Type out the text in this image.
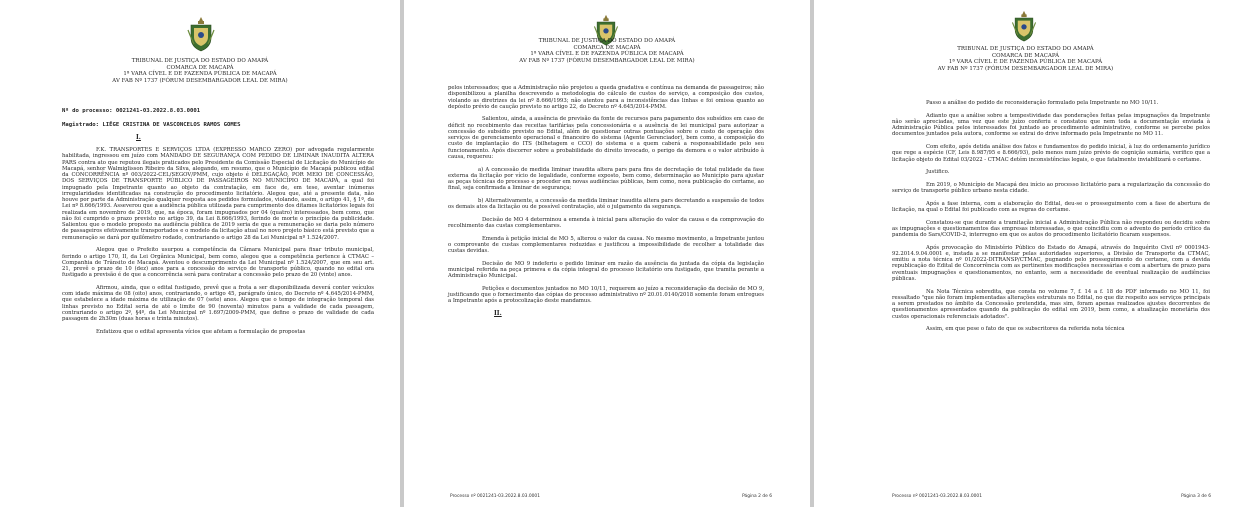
TRIBUNAL DE JUSTIÇA DO ESTADO DO AMAPÁ
COMARCA DE MACAPÁ
1ª VARA CÍVEL E DE FAZENDA PÚBLICA DE MACAPÁ
AV FAB Nº 1737 (FÓRUM DESEMBARGADOR LEAL DE MIRA)

Nº do processo: 0021241-03.2022.8.03.0001

Magistrado: LIÊGE CRISTINA DE VASCONCELOS RAMOS GOMES

I.

F.K. TRANSPORTES E SERVIÇOS LTDA (EXPRESSO MARCO ZERO) por advogada regularmente habilitada, ingressou em juízo com MANDADO DE SEGURANÇA COM PEDIDO DE LIMINAR INAUDITA ALTERA PARS contra ato que reputou ilegais praticados pelo Presidente da Comissão Especial de Licitação do Município de Macapá, senhor Walmiglisson Ribeiro da Silva, alegando, em resumo, que o Município de Macapá publicou edital da CONCORRÊNCIA nº 003/2022-CEL/SEGOV/PMM, cujo objeto é DELEGAÇÃO, POR MEIO DE CONCESSÃO, DOS SERVIÇOS DE TRANSPORTE PÚBLICO DE PASSAGEIROS NO MUNICÍPIO DE MACAPÁ, a qual foi impugnado pela Impetrante quanto ao objeto da contratação, em face de, em tese, aventar inúmeras irregularidades identificadas na construção do procedimento licitatório. Alegou que, até a presente data, não houve por parte da Administração qualquer resposta aos pedidos formulados, violando, assim, o artigo 41, § 1º, da Lei nº 8.666/1993. Asseverou que a audiência pública utilizada para cumprimento dos ditames licitatórios legais foi realizada em novembro de 2019, que, na época, foram impugnados por 04 (quatro) interessados, bem como, que não foi cumprido o prazo previsto no artigo 39, da Lei 8.666/1993, ferindo de morte o princípio da publicidade. Salientou que o modelo proposto na audiência pública de 2019 seria de que a remuneração se daria pelo número de passageiros efetivamente transportados e o modelo da licitação atual no novo projeto básico está previsto que a remuneração se dará por quilômetro rodado, contrariando o artigo 28 da Lei Municipal nº 1.524/2007.

Alegou que o Prefeito usurpou a competência da Câmara Municipal para fixar tributo municipal, ferindo o artigo 170, II, da Lei Orgânica Municipal, bem como, alegou que a competência pertence à CTMAC – Companhia de Trânsito de Macapá. Aventou o descumprimento da Lei Municipal nº 1.524/2007, que em seu art. 21, prevê o prazo de 10 (dez) anos para a concessão do serviço de transporte público, quando no edital ora fustigado a previsão é de que a concorrência será para contratar a concessão pelo prazo de 20 (vinte) anos.

Afirmou, ainda, que o edital fustigado, prevê que a frota a ser disponibilizada deverá conter veículos com idade máxima de 08 (oito) anos, contrariando, o artigo 45, parágrafo único, do Decreto nº 4.645/2014-PMM, que estabelece a idade máxima de utilização de 07 (sete) anos. Alegou que o tempo de integração temporal das linhas previsto no Edital seria de até o limite de 90 (noventa) minutos para a validade de cada passagem, contrariando o artigo 2º, §4º, da Lei Municipal nº 1.697/2009-PMM, que define o prazo de validade de cada passagem de 2h30m (duas horas e trinta minutos).

Enfatizou que o edital apresenta vícios que afetam a formulação de propostas

TRIBUNAL DE JUSTIÇA DO ESTADO DO AMAPÁ
COMARCA DE MACAPÁ
1ª VARA CÍVEL E DE FAZENDA PÚBLICA DE MACAPÁ
AV FAB Nº 1737 (FÓRUM DESEMBARGADOR LEAL DE MIRA)

pelos interessados; que a Administração não projetou a queda gradativa e contínua na demanda de passageiros; não disponibilizou a planilha descrevendo a metodologia do cálculo de custos do serviço, a composição dos custos, violando as diretrizes da lei nº 8.666/1993; não atentou para a inconsistências das linhas e foi omissa quanto ao depósito prévio de caução previsto no artigo 22, do Decreto nº 4.645/2014-PMM.

Salientou, ainda, a ausência de previsão da fonte de recursos para pagamento dos subsídios em caso de déficit no recebimento das receitas tarifárias pela concessionária e a ausência de lei municipal para autorizar a concessão do subsídio previsto no Edital, além de questionar outras pontuações sobre o custo de operação dos serviços de gerenciamento operacional e financeiro do sistema (Agente Gerenciador), bem como, a composição do custo de implantação do ITS (bilhetagem e CCO) do sistema e a quem caberá a responsabilidade pelo seu funcionamento. Após discorrer sobre a probabilidade do direito invocado, o perigo da demora e o valor atribuído à causa, requereu:

a) A concessão de medida liminar inaudita altera pars para fins de decretação de total nulidade da fase externa da licitação por vício de legalidade, conforme exposto, bem como, determinação ao Município para ajustar as peças técnicas do processo e proceder em novas audiências públicas, bem como, nova publicação do certame, ao final, seja confirmada a liminar de segurança;

b) Alternativamente, a concessão da medida liminar inaudita altera pars decretando a suspensão de todos os demais atos da licitação ou de possível contratação, até o julgamento da segurança.

Decisão de MO 4 determinou a emenda à inicial para alteração do valor da causa e da comprovação do recolhimento das custas complementares.

Emenda à petição inicial de MO 5, alterou o valor da causa. No mesmo movimento, a Impetrante juntou o comprovante de custas complementares reduzidas e justificou a impossibilidade de recolher a totalidade das custas devidas.

Decisão de MO 9 indeferiu o pedido liminar em razão da ausência da juntada da cópia da legislação municipal referida na peça primeva e da cópia integral do processo licitatório ora fustigado, que tramita perante a Administração Municipal.

Petições e documentos juntados no MO 10/11, requerem ao juízo a reconsideração da decisão de MO 9, justificando que o fornecimento das cópias do processo administrativo nº 20.01.0140/2018 somente foram entregues a Impetrante após a protocolização deste mandamus.

II.

Processo nº 0021241-03.2022.8.03.0001	Página 2 de 6
TRIBUNAL DE JUSTIÇA DO ESTADO DO AMAPÁ
COMARCA DE MACAPÁ
1ª VARA CÍVEL E DE FAZENDA PÚBLICA DE MACAPÁ
AV FAB Nº 1737 (FÓRUM DESEMBARGADOR LEAL DE MIRA)

Passo a análise do pedido de reconsideração formulado pela Impetrante no MO 10/11.

Adianto que a análise sobre a tempestividade das ponderações feitas pelas impugnações da Impetrante não serão apreciadas, uma vez que este juízo conferiu e constatou que nem toda a documentação enviada à Administração Pública pelos interessados foi juntado ao procedimento administrativo, conforme se percebe pelos documentos juntados pela autora, conforme se extrai do drive informado pela Impetrante no MO 11.

Com efeito, após detida análise dos fatos e fundamentos do pedido inicial, à luz do ordenamento jurídico que rege a espécie (CF, Leis 8.987/95 e 8.666/93), pelo menos num juízo prévio de cognição sumária, verifico que a licitação objeto do Edital 03/2022 - CTMAC detém inconsistências legais, o que fatalmente inviabilizará o certame.

Justifico.

Em 2019, o Município de Macapá deu início ao processo licitatório para a regularização da concessão do serviço de transporte público urbano nesta cidade.

Após a fase interna, com a elaboração do Edital, deu-se o prosseguimento com a fase de abertura de licitação, na qual o Edital foi publicado com as regras do certame.

Constatou-se que durante a tramitação inicial a Administração Pública não respondeu ou decidiu sobre as impugnações e questionamentos das empresas interessadas, o que coincidiu com o advento do período crítico da pandemia do Sars/COVID-2, interregno em que os autos do procedimento licitatório ficaram suspensos.

Após provocação do Ministério Público do Estado do Amapá, através do Inquérito Civil nº 0001943-92.2014.9.04.0001 e, instada a se manifestar pelas autoridades superiores, a Divisão de Transporte da CTMAC, emitiu a nota técnica nº 01/2022-DITRANSP/CTMAC, pugnando pelo prosseguimento do certame, com a devida republicação do Edital de Concorrência com as pertinentes modificações necessárias e com a abertura de prazo para eventuais impugnações e questionamentos, no entanto, sem a necessidade de eventual realização de audiências públicas.

Na Nota Técnica sobredita, que consta no volume 7, f. 14 a f. 18 do PDF informado no MO 11, foi ressaltado "que não foram implementadas alterações estruturais no Edital, no que diz respeito aos serviços principais a serem prestados no âmbito da Concessão pretendida, mas sim, foram apenas realizados ajustes decorrentes de questionamentos apresentados quando da publicação do edital em 2019, bem como, a atualização monetária dos custos operacionais referenciais adotados".

Assim, em que pese o fato de que os subscritores da referida nota técnica

Processo nº 0021241-03.2022.8.03.0001	Página 3 de 6
